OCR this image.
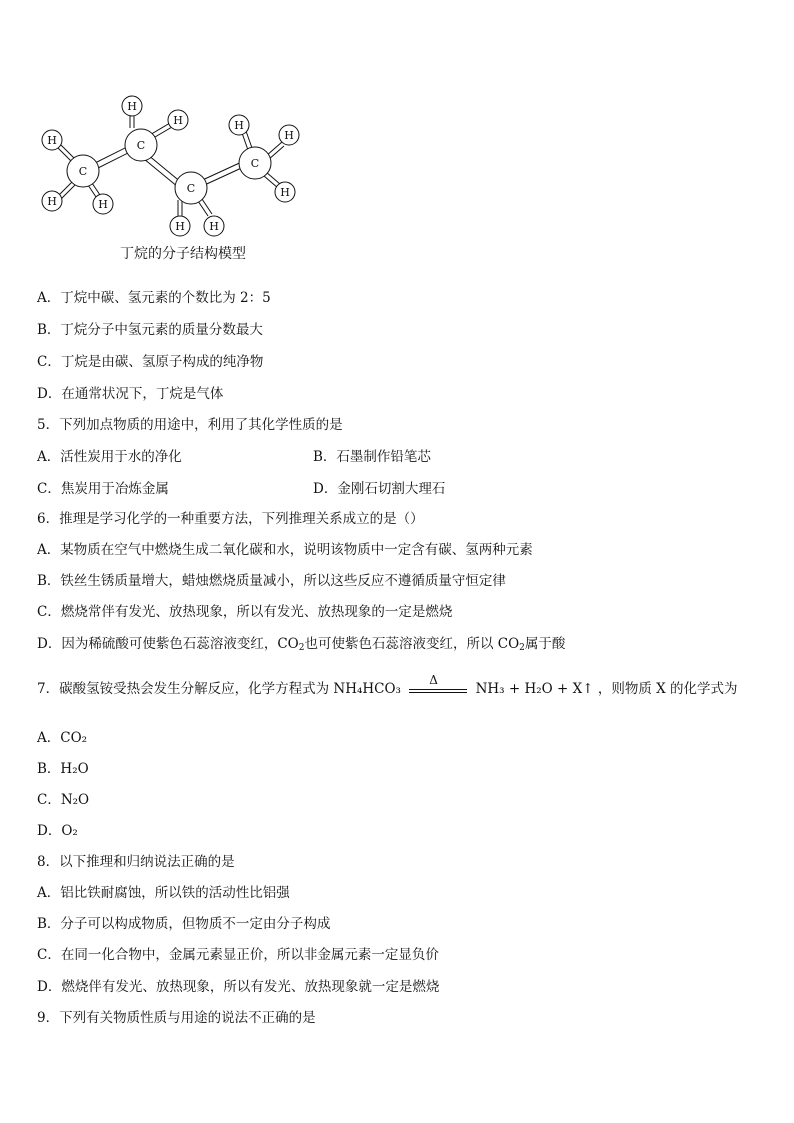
H
H	H
H
H
H H
H
H
H
C
C
C
C
丁烷的分子结构模型
A．丁烷中碳、氢元素的个数比为 2：5
B．丁烷分子中氢元素的质量分数最大
C．丁烷是由碳、氢原子构成的纯净物
D．在通常状况下，丁烷是气体
5．下列加点物质的用途中，利用了其化学性质的是
A．活性炭用于水的净化	B．石墨制作铅笔芯
C．焦炭用于冶炼金属	D．金刚石切割大理石
6．推理是学习化学的一种重要方法，下列推理关系成立的是（）
A．某物质在空气中燃烧生成二氧化碳和水，说明该物质中一定含有碳、氢两种元素
B．铁丝生锈质量增大，蜡烛燃烧质量减小，所以这些反应不遵循质量守恒定律
C．燃烧常伴有发光、放热现象，所以有发光、放热现象的一定是燃烧
D．因为稀硫酸可使紫色石蕊溶液变红，$CO_2$也可使紫色石蕊溶液变红，所以 $CO_2$属于酸
7．碳酸氢铵受热会发生分解反应，化学方程式为 NH₄HCO₃
Δ
NH₃ + H₂O + X↑ ，则物质 X 的化学式为
A．CO₂
B．H₂O
C．N₂O
D．O₂
8．以下推理和归纳说法正确的是
A．铝比铁耐腐蚀，所以铁的活动性比铝强
B．分子可以构成物质，但物质不一定由分子构成
C．在同一化合物中，金属元素显正价，所以非金属元素一定显负价
D．燃烧伴有发光、放热现象，所以有发光、放热现象就一定是燃烧
9．下列有关物质性质与用途的说法不正确的是
